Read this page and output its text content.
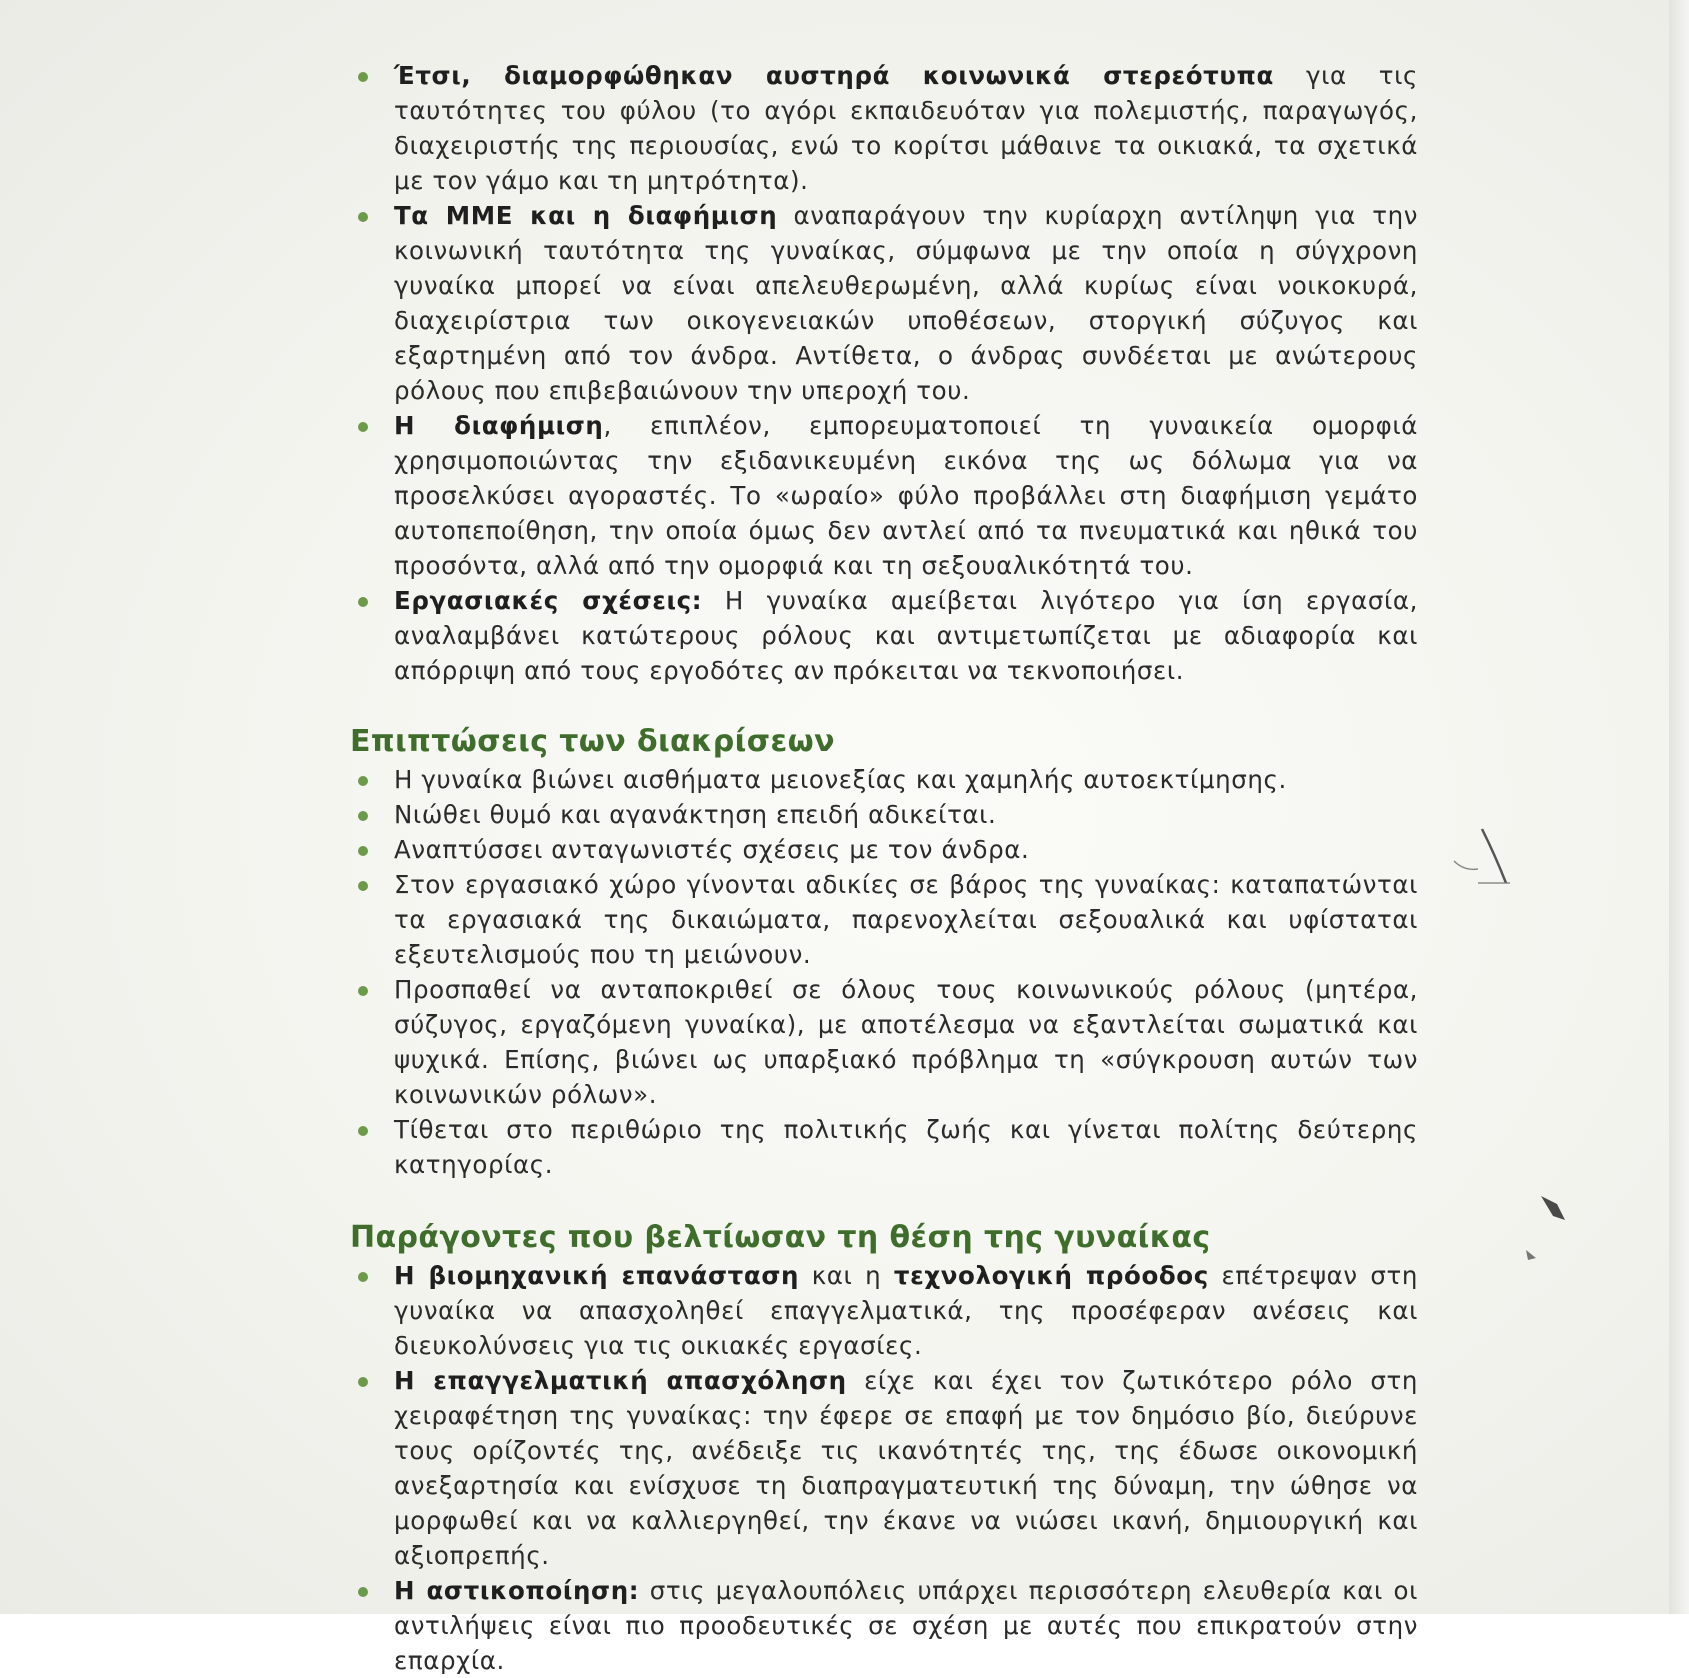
Έτσι, διαμορφώθηκαν αυστηρά κοινωνικά στερεότυπα για τις ταυτότητες του φύλου (το αγόρι εκπαιδευόταν για πολεμιστής, παραγωγός, διαχειριστής της περιουσίας, ενώ το κορίτσι μάθαινε τα οικιακά, τα σχετικά με τον γάμο και τη μητρότητα).
Τα ΜΜΕ και η διαφήμιση αναπαράγουν την κυρίαρχη αντίληψη για την κοινωνική ταυτότητα της γυναίκας, σύμφωνα με την οποία η σύγχρονη γυναίκα μπορεί να είναι απελευθερωμένη, αλλά κυρίως είναι νοικοκυρά, διαχειρίστρια των οικογενειακών υποθέσεων, στοργική σύζυγος και εξαρτημένη από τον άνδρα. Αντίθετα, ο άνδρας συνδέεται με ανώτερους ρόλους που επιβεβαιώνουν την υπεροχή του.
Η διαφήμιση, επιπλέον, εμπορευματοποιεί τη γυναικεία ομορφιά χρησιμοποιώντας την εξιδανικευμένη εικόνα της ως δόλωμα για να προσελκύσει αγοραστές. Το «ωραίο» φύλο προβάλλει στη διαφήμιση γεμάτο αυτοπεποίθηση, την οποία όμως δεν αντλεί από τα πνευματικά και ηθικά του προσόντα, αλλά από την ομορφιά και τη σεξουαλικότητά του.
Εργασιακές σχέσεις: Η γυναίκα αμείβεται λιγότερο για ίση εργασία, αναλαμβάνει κατώτερους ρόλους και αντιμετωπίζεται με αδιαφορία και απόρριψη από τους εργοδότες αν πρόκειται να τεκνοποιήσει.
Επιπτώσεις των διακρίσεων
Η γυναίκα βιώνει αισθήματα μειονεξίας και χαμηλής αυτοεκτίμησης.
Νιώθει θυμό και αγανάκτηση επειδή αδικείται.
Αναπτύσσει ανταγωνιστές σχέσεις με τον άνδρα.
Στον εργασιακό χώρο γίνονται αδικίες σε βάρος της γυναίκας: καταπατώνται τα εργασιακά της δικαιώματα, παρενοχλείται σεξουαλικά και υφίσταται εξευτελισμούς που τη μειώνουν.
Προσπαθεί να ανταποκριθεί σε όλους τους κοινωνικούς ρόλους (μητέρα, σύζυγος, εργαζόμενη γυναίκα), με αποτέλεσμα να εξαντλείται σωματικά και ψυχικά. Επίσης, βιώνει ως υπαρξιακό πρόβλημα τη «σύγκρουση αυτών των κοινωνικών ρόλων».
Τίθεται στο περιθώριο της πολιτικής ζωής και γίνεται πολίτης δεύτερης κατηγορίας.
Παράγοντες που βελτίωσαν τη θέση της γυναίκας
Η βιομηχανική επανάσταση και η τεχνολογική πρόοδος επέτρεψαν στη γυναίκα να απασχοληθεί επαγγελματικά, της προσέφεραν ανέσεις και διευκολύνσεις για τις οικιακές εργασίες.
Η επαγγελματική απασχόληση είχε και έχει τον ζωτικότερο ρόλο στη χειραφέτηση της γυναίκας: την έφερε σε επαφή με τον δημόσιο βίο, διεύρυνε τους ορίζοντές της, ανέδειξε τις ικανότητές της, της έδωσε οικονομική ανεξαρτησία και ενίσχυσε τη διαπραγματευτική της δύναμη, την ώθησε να μορφωθεί και να καλλιεργηθεί, την έκανε να νιώσει ικανή, δημιουργική και αξιοπρεπής.
Η αστικοποίηση: στις μεγαλουπόλεις υπάρχει περισσότερη ελευθερία και οι αντιλήψεις είναι πιο προοδευτικές σε σχέση με αυτές που επικρατούν στην επαρχία.
